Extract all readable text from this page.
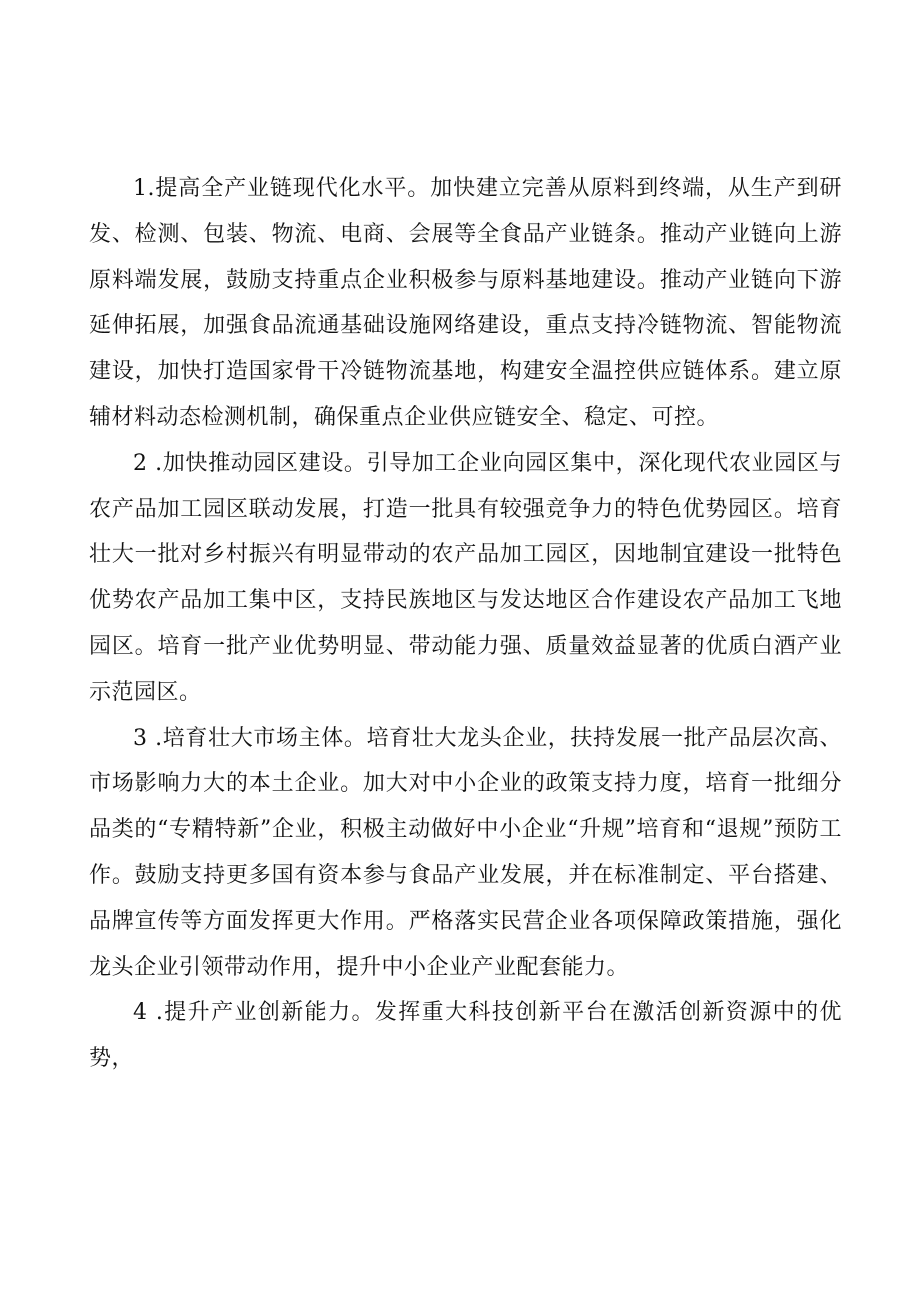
1.提高全产业链现代化水平。加快建立完善从原料到终端，从生产到研发、检测、包装、物流、电商、会展等全食品产业链条。推动产业链向上游原料端发展，鼓励支持重点企业积极参与原料基地建设。推动产业链向下游延伸拓展，加强食品流通基础设施网络建设，重点支持冷链物流、智能物流建设，加快打造国家骨干冷链物流基地，构建安全温控供应链体系。建立原辅材料动态检测机制，确保重点企业供应链安全、稳定、可控。

2 .加快推动园区建设。引导加工企业向园区集中，深化现代农业园区与农产品加工园区联动发展，打造一批具有较强竞争力的特色优势园区。培育壮大一批对乡村振兴有明显带动的农产品加工园区，因地制宜建设一批特色优势农产品加工集中区，支持民族地区与发达地区合作建设农产品加工飞地园区。培育一批产业优势明显、带动能力强、质量效益显著的优质白酒产业示范园区。

3 .培育壮大市场主体。培育壮大龙头企业，扶持发展一批产品层次高、市场影响力大的本土企业。加大对中小企业的政策支持力度，培育一批细分品类的“专精特新”企业，积极主动做好中小企业“升规”培育和“退规”预防工作。鼓励支持更多国有资本参与食品产业发展，并在标准制定、平台搭建、品牌宣传等方面发挥更大作用。严格落实民营企业各项保障政策措施，强化龙头企业引领带动作用，提升中小企业产业配套能力。

4 .提升产业创新能力。发挥重大科技创新平台在激活创新资源中的优势，
